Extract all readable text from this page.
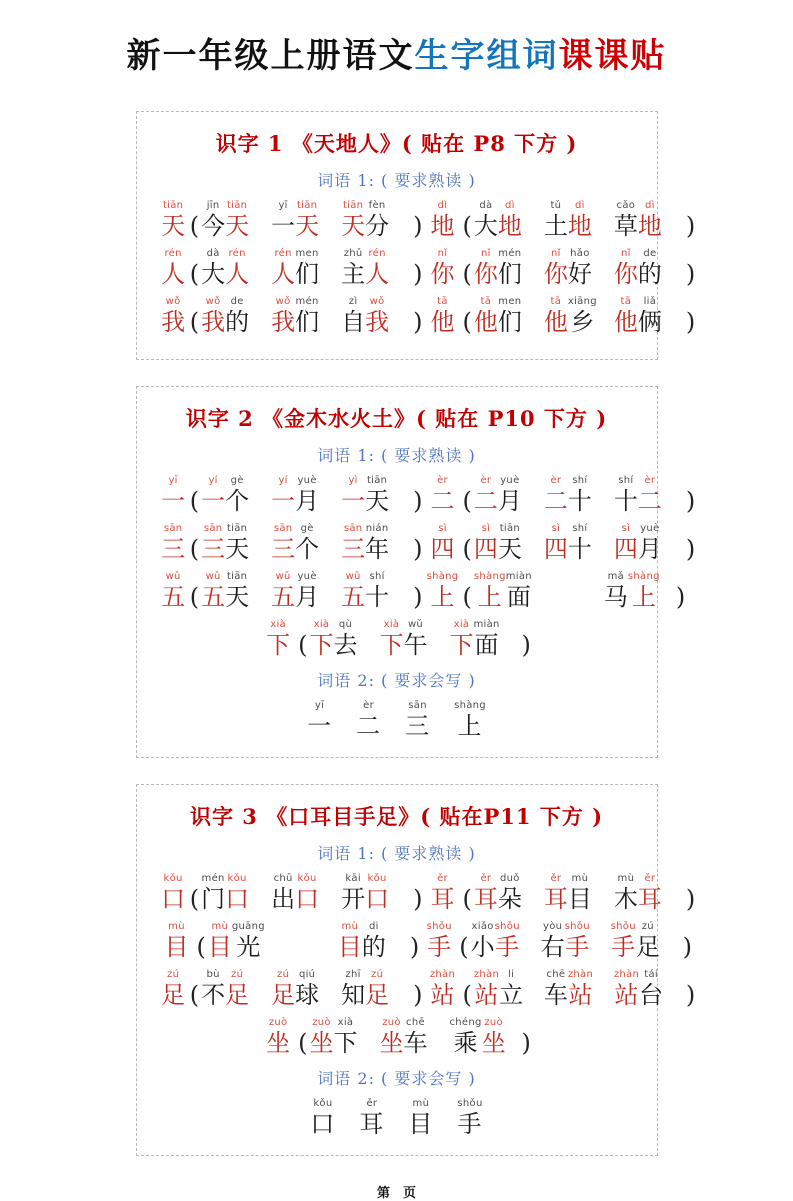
新一年级上册语文生字组词课课贴
识字 1 《天地人》( 贴在 P8 下方 )
词语 1: ( 要求熟读 )
tiān
天 (
jīn
今
tiān
天
yī
一
tiān
天
tiān
天
fèn
分 )
dì
地 (
dà
大
dì
地
tǔ
土
dì
地
cǎo
草
dì
地 )
rén
人 (
dà
大
rén
人
rén
人
men
们
zhǔ
主
rén
人 )
nǐ
你 (
nǐ
你
mén
们
nǐ
你
hǎo
好
nǐ
你
de
的 )
wǒ
我 (
wǒ
我
de
的
wǒ
我
mén
们
zì
自
wǒ
我 )
tā
他 (
tā
他
men
们
tā
他
xiāng
乡
tā
他
liǎ
俩 )
识字 2 《金木水火土》( 贴在 P10 下方 )
词语 1: ( 要求熟读 )
yī
一 (
yí
一
gè
个
yí
一
yuè
月
yì
一
tiān
天 )
èr
二 (
èr
二
yuè
月
èr
二
shí
十
shí
十
èr
二 )
sān
三 (
sān
三
tiān
天
sān
三
gè
个
sān
三
nián
年 )
sì
四 (
sì
四
tiān
天
sì
四
shí
十
sì
四
yuè
月 )
wǔ
五 (
wǔ
五
tiān
天
wǔ
五
yuè
月
wǔ
五
shí
十 )
shàng
上 (
shàng
上
miàn
面
mǎ
马
shàng
上 )
xià
下 (
xià
下
qù
去
xià
下
wǔ
午
xià
下
miàn
面 )
词语 2: ( 要求会写 )
yī
一
èr
二
sān
三
shàng
上
识字 3 《口耳目手足》( 贴在P11 下方 )
词语 1: ( 要求熟读 )
kǒu
口 (
mén
门
kǒu
口
chū
出
kǒu
口
kāi
开
kǒu
口 )
ěr
耳 (
ěr
耳
duǒ
朵
ěr
耳
mù
目
mù
木
ěr
耳 )
mù
目 (
mù
目
guāng
光
mù
目
di
的 )
shǒu
手 (
xiǎo
小
shǒu
手
yòu
右
shǒu
手
shǒu
手
zú
足 )
zú
足 (
bù
不
zú
足
zú
足
qiú
球
zhī
知
zú
足 )
zhàn
站 (
zhàn
站
li
立
chē
车
zhàn
站
zhàn
站
tái
台 )
zuò
坐 (
zuò
坐
xià
下
zuò
坐
chē
车
chéng
乘
zuò
坐 )
词语 2: ( 要求会写 )
kǒu
口
ěr
耳
mù
目
shǒu
手
第　页
